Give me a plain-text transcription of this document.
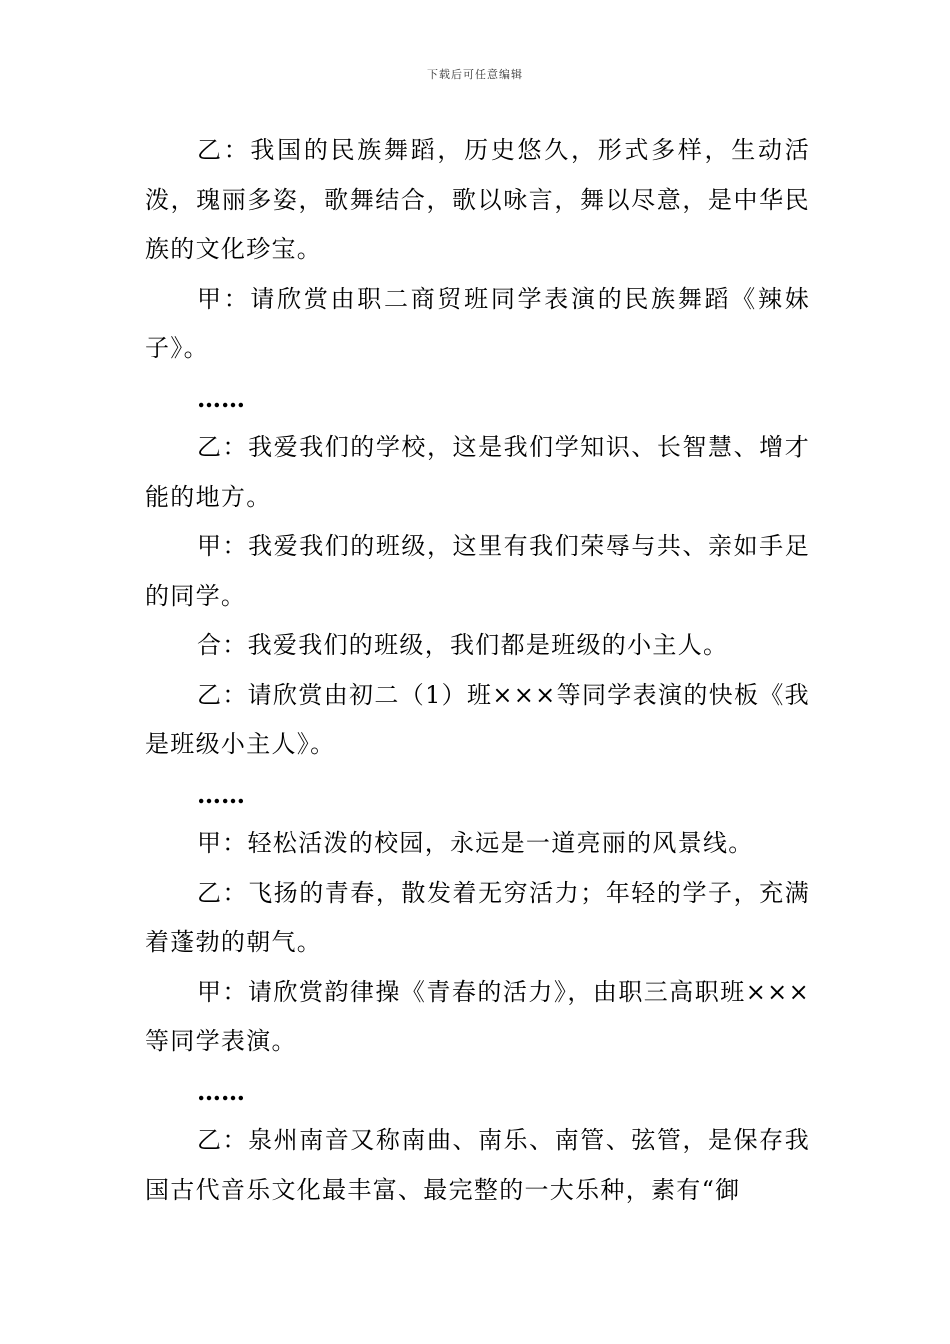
下载后可任意编辑

乙：我国的民族舞蹈，历史悠久，形式多样，生动活泼，瑰丽多姿，歌舞结合，歌以咏言，舞以尽意，是中华民族的文化珍宝。

甲：请欣赏由职二商贸班同学表演的民族舞蹈《辣妹子》。

……

乙：我爱我们的学校，这是我们学知识、长智慧、增才能的地方。

甲：我爱我们的班级，这里有我们荣辱与共、亲如手足的同学。

合：我爱我们的班级，我们都是班级的小主人。

乙：请欣赏由初二（1）班×××等同学表演的快板《我是班级小主人》。

……

甲：轻松活泼的校园，永远是一道亮丽的风景线。

乙：飞扬的青春，散发着无穷活力；年轻的学子，充满着蓬勃的朝气。

甲：请欣赏韵律操《青春的活力》，由职三高职班×××等同学表演。

……

乙：泉州南音又称南曲、南乐、南管、弦管，是保存我国古代音乐文化最丰富、最完整的一大乐种，素有“御
